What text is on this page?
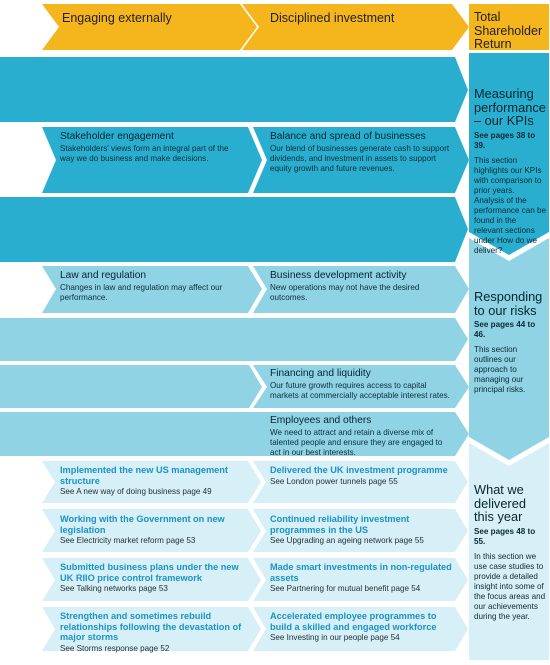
Engaging externally	Disciplined investment	Total Shareholder Return
Stakeholder engagement
Stakeholders' views form an integral part of the way we do business and make decisions.
Balance and spread of businesses
Our blend of businesses generate cash to support dividends, and investment in assets to support equity growth and future revenues.
Law and regulation
Changes in law and regulation may affect our performance.
Business development activity
New operations may not have the desired outcomes.
Financing and liquidity
Our future growth requires access to capital markets at commercially acceptable interest rates.
Employees and others
We need to attract and retain a diverse mix of talented people and ensure they are engaged to act in our best interests.
Implemented the new US management structure
See A new way of doing business page 49
Delivered the UK investment programme
See London power tunnels page 55
Working with the Government on new legislation
See Electricity market reform page 53
Continued reliability investment programmes in the US
See Upgrading an ageing network page 55
Submitted business plans under the new UK RIIO price control framework
See Talking networks page 53
Made smart investments in non-regulated assets
See Partnering for mutual benefit page 54
Strengthen and sometimes rebuild relationships following the devastation of major storms
See Storms response page 52
Accelerated employee programmes to build a skilled and engaged workforce
See Investing in our people page 54
Measuring performance – our KPIs
See pages 38 to 39.
This section highlights our KPIs with comparison to prior years. Analysis of the performance can be found in the relevant sections under How do we deliver?
Responding to our risks
See pages 44 to 46.
This section outlines our approach to managing our principal risks.
What we delivered this year
See pages 48 to 55.
In this section we use case studies to provide a detailed insight into some of the focus areas and our achievements during the year.
